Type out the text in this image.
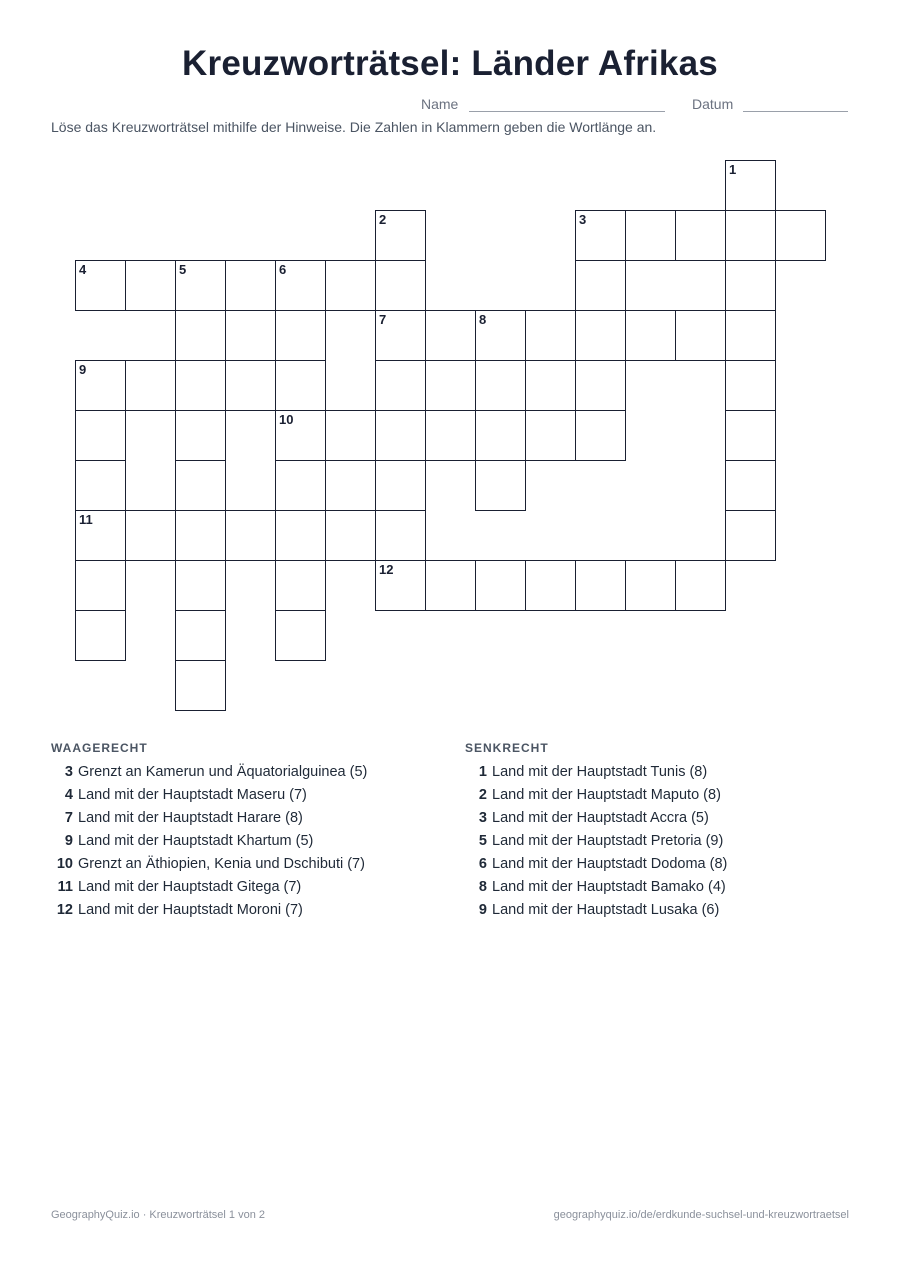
Kreuzworträtsel: Länder Afrikas
Name	Datum
Löse das Kreuzworträtsel mithilfe der Hinweise. Die Zahlen in Klammern geben die Wortlänge an.
1
2	3
4	5	6
7	8
9
10
11
12
WAAGERECHT
3 Grenzt an Kamerun und Äquatorialguinea (5)
4 Land mit der Hauptstadt Maseru (7)
7 Land mit der Hauptstadt Harare (8)
9 Land mit der Hauptstadt Khartum (5)
10 Grenzt an Äthiopien, Kenia und Dschibuti (7)
11 Land mit der Hauptstadt Gitega (7)
12 Land mit der Hauptstadt Moroni (7)
SENKRECHT
1 Land mit der Hauptstadt Tunis (8)
2 Land mit der Hauptstadt Maputo (8)
3 Land mit der Hauptstadt Accra (5)
5 Land mit der Hauptstadt Pretoria (9)
6 Land mit der Hauptstadt Dodoma (8)
8 Land mit der Hauptstadt Bamako (4)
9 Land mit der Hauptstadt Lusaka (6)
GeographyQuiz.io · Kreuzworträtsel 1 von 2	geographyquiz.io/de/erdkunde-suchsel-und-kreuzwortraetsel
